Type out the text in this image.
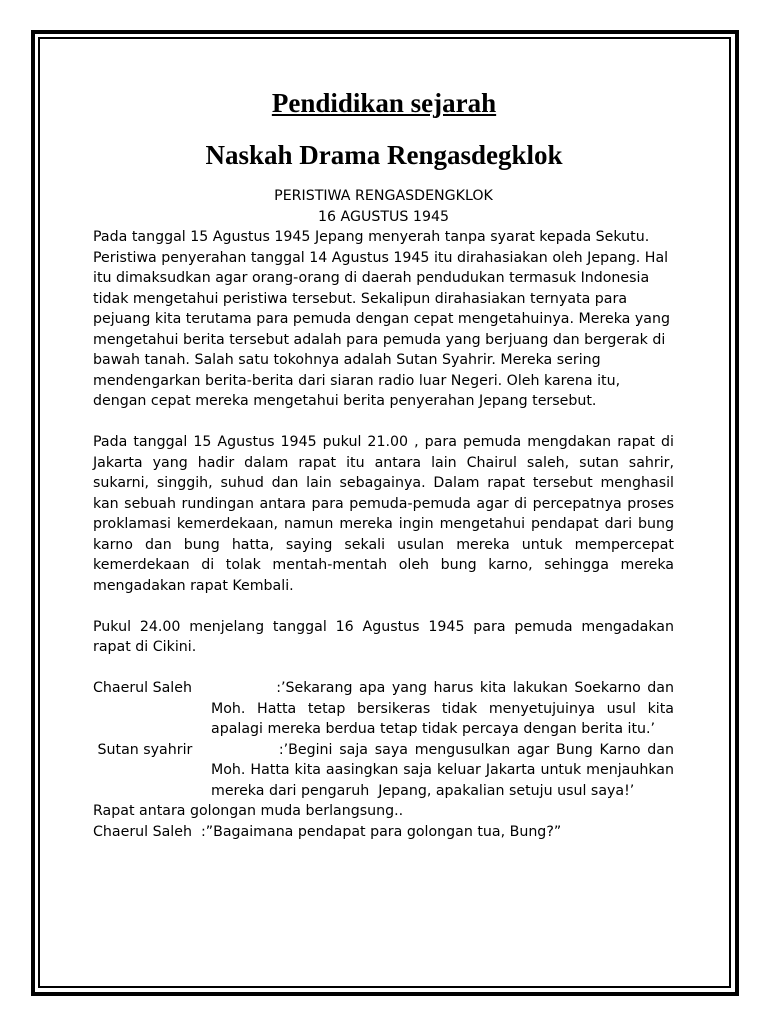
Pendidikan sejarah
Naskah Drama Rengasdegklok

PERISTIWA RENGASDENGKLOK

16 AGUSTUS 1945

Pada tanggal 15 Agustus 1945 Jepang menyerah tanpa syarat kepada Sekutu. Peristiwa penyerahan tanggal 14 Agustus 1945 itu dirahasiakan oleh Jepang. Hal itu dimaksudkan agar orang-orang di daerah pendudukan termasuk Indonesia tidak mengetahui peristiwa tersebut. Sekalipun dirahasiakan ternyata para pejuang kita terutama para pemuda dengan cepat mengetahuinya. Mereka yang mengetahui berita tersebut adalah para pemuda yang berjuang dan bergerak di bawah tanah. Salah satu tokohnya adalah Sutan Syahrir. Mereka sering mendengarkan berita-berita dari siaran radio luar Negeri. Oleh karena itu, dengan cepat mereka mengetahui berita penyerahan Jepang tersebut.

Pada tanggal 15 Agustus 1945 pukul 21.00 , para pemuda mengdakan rapat di Jakarta yang hadir dalam rapat itu antara lain Chairul saleh, sutan sahrir, sukarni, singgih, suhud dan lain sebagainya. Dalam rapat tersebut menghasil kan sebuah rundingan antara para pemuda-pemuda agar di percepatnya proses proklamasi kemerdekaan, namun mereka ingin mengetahui pendapat dari bung karno dan bung hatta, saying sekali usulan mereka untuk mempercepat kemerdekaan di tolak mentah-mentah oleh bung karno, sehingga mereka mengadakan rapat Kembali.

Pukul 24.00 menjelang tanggal 16 Agustus 1945 para pemuda mengadakan rapat di Cikini.

Chaerul Saleh	:’Sekarang apa yang harus kita lakukan Soekarno dan Moh. Hatta tetap bersikeras tidak menyetujuinya usul kita apalagi mereka berdua tetap tidak percaya dengan berita itu.’
Sutan syahrir	:’Begini saja saya mengusulkan agar Bung Karno dan Moh. Hatta kita aasingkan saja keluar Jakarta untuk menjauhkan mereka dari pengaruh  Jepang, apakalian setuju usul saya!’

Rapat antara golongan muda berlangsung..

Chaerul Saleh  :”Bagaimana pendapat para golongan tua, Bung?”
